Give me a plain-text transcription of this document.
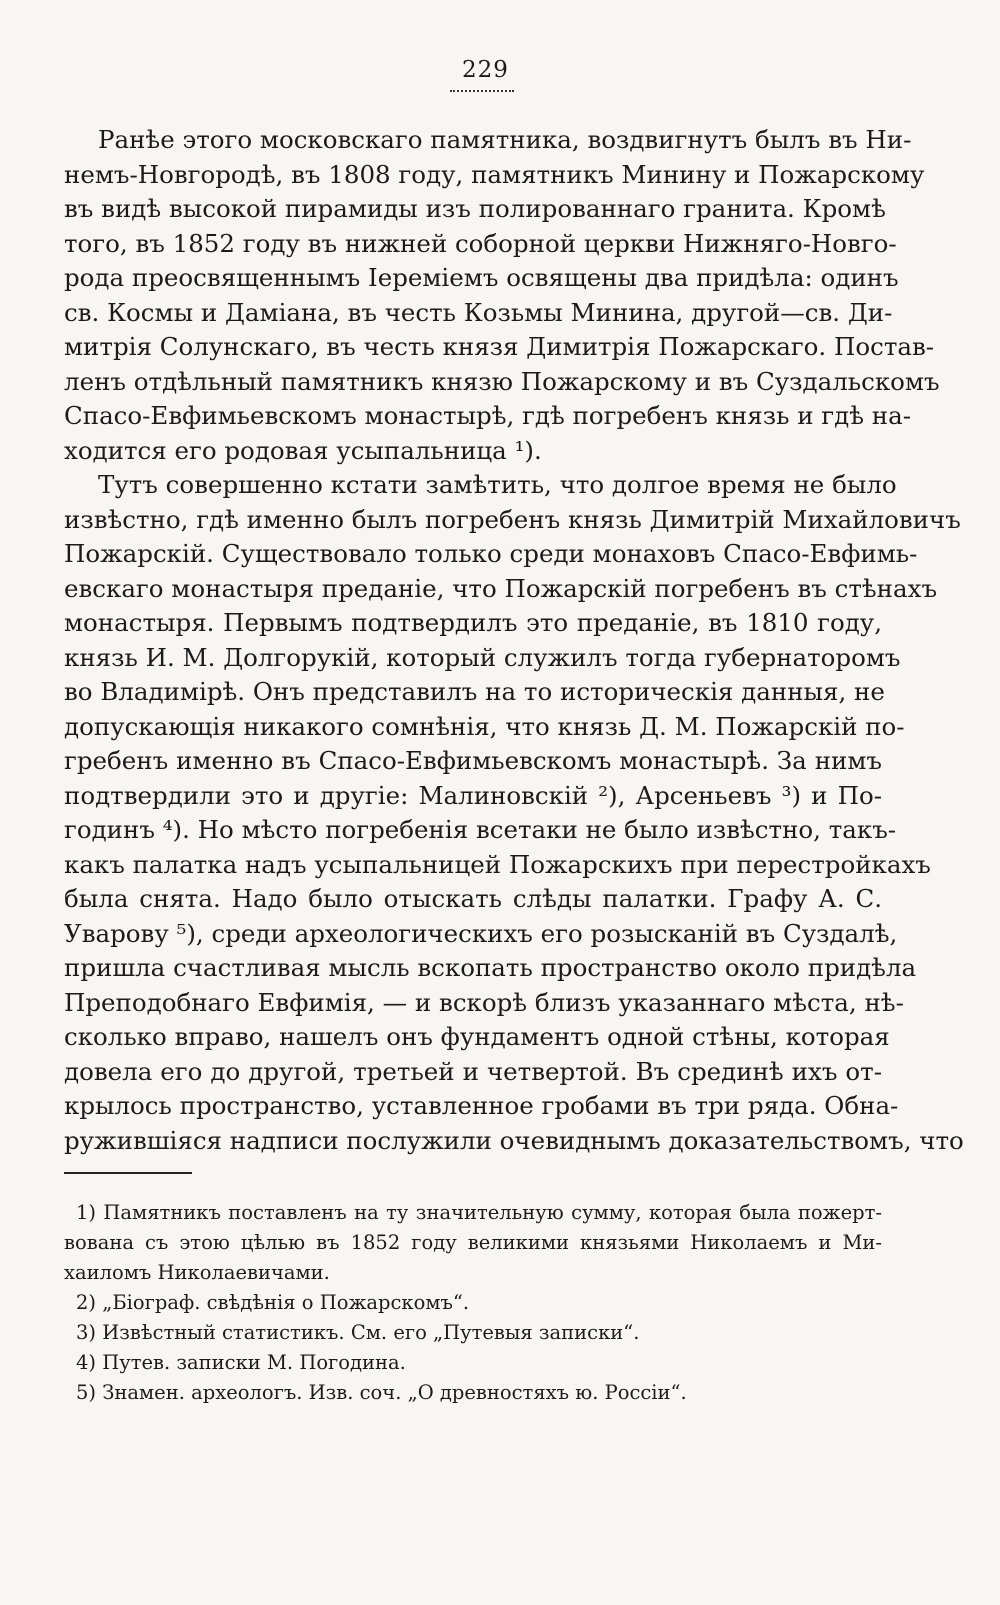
229
Ранѣе этого московскаго памятника, воздвигнутъ былъ въ Ни-
немъ-Новгородѣ, въ 1808 году, памятникъ Минину и Пожарскому
въ видѣ высокой пирамиды изъ полированнаго гранита. Кромѣ
того, въ 1852 году въ нижней соборной церкви Нижняго-Новго-
рода преосвященнымъ Іереміемъ освящены два придѣла: одинъ
св. Космы и Даміана, въ честь Козьмы Минина, другой—св. Ди-
митрія Солунскаго, въ честь князя Димитрія Пожарскаго. Постав-
ленъ отдѣльный памятникъ князю Пожарскому и въ Суздальскомъ
Спасо-Евфимьевскомъ монастырѣ, гдѣ погребенъ князь и гдѣ на-
ходится его родовая усыпальница ¹).
Тутъ совершенно кстати замѣтить, что долгое время не было
извѣстно, гдѣ именно былъ погребенъ князь Димитрій Михайловичъ
Пожарскій. Существовало только среди монаховъ Спасо-Евфимь-
евскаго монастыря преданіе, что Пожарскій погребенъ въ стѣнахъ
монастыря. Первымъ подтвердилъ это преданіе, въ 1810 году,
князь И. М. Долгорукій, который служилъ тогда губернаторомъ
во Владимірѣ. Онъ представилъ на то историческія данныя, не
допускающія никакого сомнѣнія, что князь Д. М. Пожарскій по-
гребенъ именно въ Спасо-Евфимьевскомъ монастырѣ. За нимъ
подтвердили это и другіе: Малиновскій ²), Арсеньевъ ³) и По-
годинъ ⁴). Но мѣсто погребенія всетаки не было извѣстно, такъ-
какъ палатка надъ усыпальницей Пожарскихъ при перестройкахъ
была снята. Надо было отыскать слѣды палатки. Графу А. С.
Уварову ⁵), среди археологическихъ его розысканій въ Суздалѣ,
пришла счастливая мысль вскопать пространство около придѣла
Преподобнаго Евфимія, — и вскорѣ близъ указаннаго мѣста, нѣ-
сколько вправо, нашелъ онъ фундаментъ одной стѣны, которая
довела его до другой, третьей и четвертой. Въ срединѣ ихъ от-
крылось пространство, уставленное гробами въ три ряда. Обна-
ружившіяся надписи послужили очевиднымъ доказательствомъ, что
1) Памятникъ поставленъ на ту значительную сумму, которая была пожерт-
вована съ этою цѣлью въ 1852 году великими князьями Николаемъ и Ми-
хаиломъ Николаевичами.
2) „Біограф. свѣдѣнія о Пожарскомъ“.
3) Извѣстный статистикъ. См. его „Путевыя записки“.
4) Путев. записки М. Погодина.
5) Знамен. археологъ. Изв. соч. „О древностяхъ ю. Россіи“.
